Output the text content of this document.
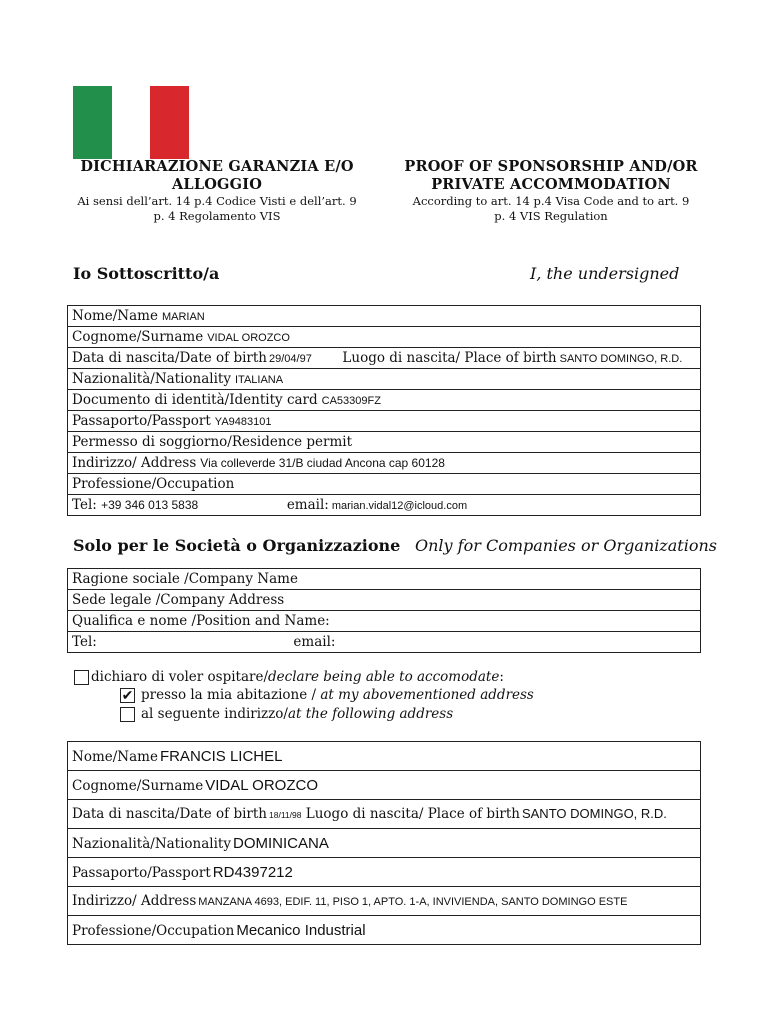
DICHIARAZIONE GARANZIA E/O
ALLOGGIO
Ai sensi dell’art. 14 p.4 Codice Visti e dell’art. 9
p. 4 Regolamento VIS
PROOF OF SPONSORSHIP AND/OR
PRIVATE ACCOMMODATION
According to art. 14 p.4 Visa Code and to art. 9
p. 4 VIS Regulation
Io Sottoscritto/a	I, the undersigned
Nome/Name MARIAN
Cognome/Surname VIDAL OROZCO
Data di nascita/Date of birth 29/04/97 Luogo di nascita/ Place of birth SANTO DOMINGO, R.D.
Nazionalità/Nationality ITALIANA
Documento di identità/Identity card CA53309FZ
Passaporto/Passport YA9483101
Permesso di soggiorno/Residence permit
Indirizzo/ Address Via colleverde 31/B ciudad Ancona cap 60128
Professione/Occupation
Tel: +39 346 013 5838	email: marian.vidal12@icloud.com
Solo per le Società o Organizzazione Only for Companies or Organizations
Ragione sociale /Company Name
Sede legale /Company Address
Qualifica e nome /Position and Name:
Tel:	email:
dichiaro di voler ospitare/declare being able to accomodate:
✔ presso la mia abitazione / at my abovementioned address
al seguente indirizzo/at the following address
Nome/Name FRANCIS LICHEL
Cognome/Surname VIDAL OROZCO
Data di nascita/Date of birth 18/11/98 Luogo di nascita/ Place of birth SANTO DOMINGO, R.D.
Nazionalità/Nationality DOMINICANA
Passaporto/Passport RD4397212
Indirizzo/ Address MANZANA 4693, EDIF. 11, PISO 1, APTO. 1-A, INVIVIENDA, SANTO DOMINGO ESTE
Professione/Occupation Mecanico Industrial
